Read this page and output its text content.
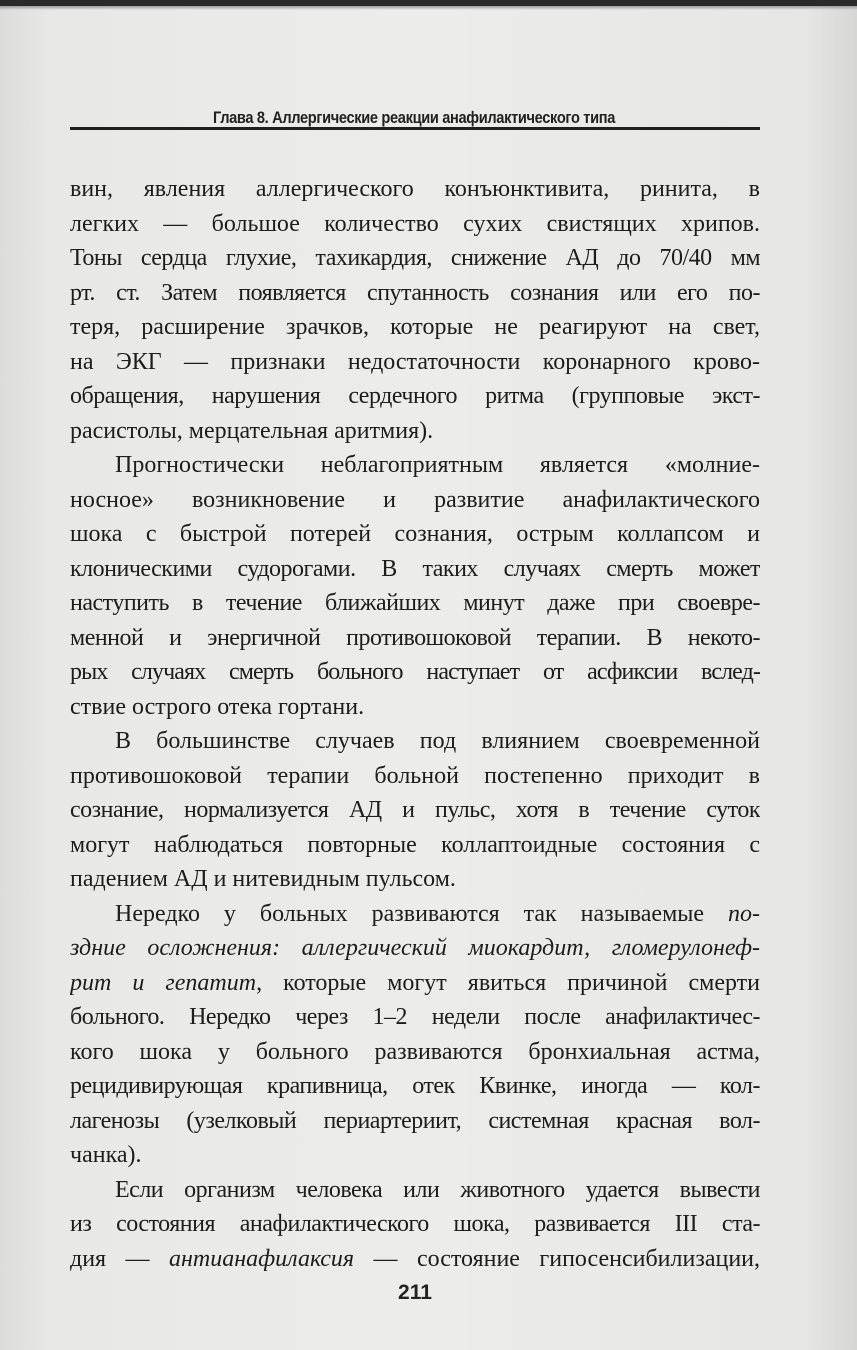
Глава 8. Аллергические реакции анафилактического типа
вин, явления аллергического конъюнктивита, ринита, в
легких — большое количество сухих свистящих хрипов.
Тоны сердца глухие, тахикардия, снижение АД до 70/40 мм
рт. ст. Затем появляется спутанность сознания или его по-
теря, расширение зрачков, которые не реагируют на свет,
на ЭКГ — признаки недостаточности коронарного крово-
обращения, нарушения сердечного ритма (групповые экст-
расистолы, мерцательная аритмия).
Прогностически неблагоприятным является «молние-
носное» возникновение и развитие анафилактического
шока с быстрой потерей сознания, острым коллапсом и
клоническими судорогами. В таких случаях смерть может
наступить в течение ближайших минут даже при своевре-
менной и энергичной противошоковой терапии. В некото-
рых случаях смерть больного наступает от асфиксии вслед-
ствие острого отека гортани.
В большинстве случаев под влиянием своевременной
противошоковой терапии больной постепенно приходит в
сознание, нормализуется АД и пульс, хотя в течение суток
могут наблюдаться повторные коллаптоидные состояния с
падением АД и нитевидным пульсом.
Нередко у больных развиваются так называемые по-
здние осложнения: аллергический миокардит, гломерулонеф-
рит и гепатит, которые могут явиться причиной смерти
больного. Нередко через 1–2 недели после анафилактичес-
кого шока у больного развиваются бронхиальная астма,
рецидивирующая крапивница, отек Квинке, иногда — кол-
лагенозы (узелковый периартериит, системная красная вол-
чанка).
Если организм человека или животного удается вывести
из состояния анафилактического шока, развивается III ста-
дия — антианафилаксия — состояние гипосенсибилизации,
211
